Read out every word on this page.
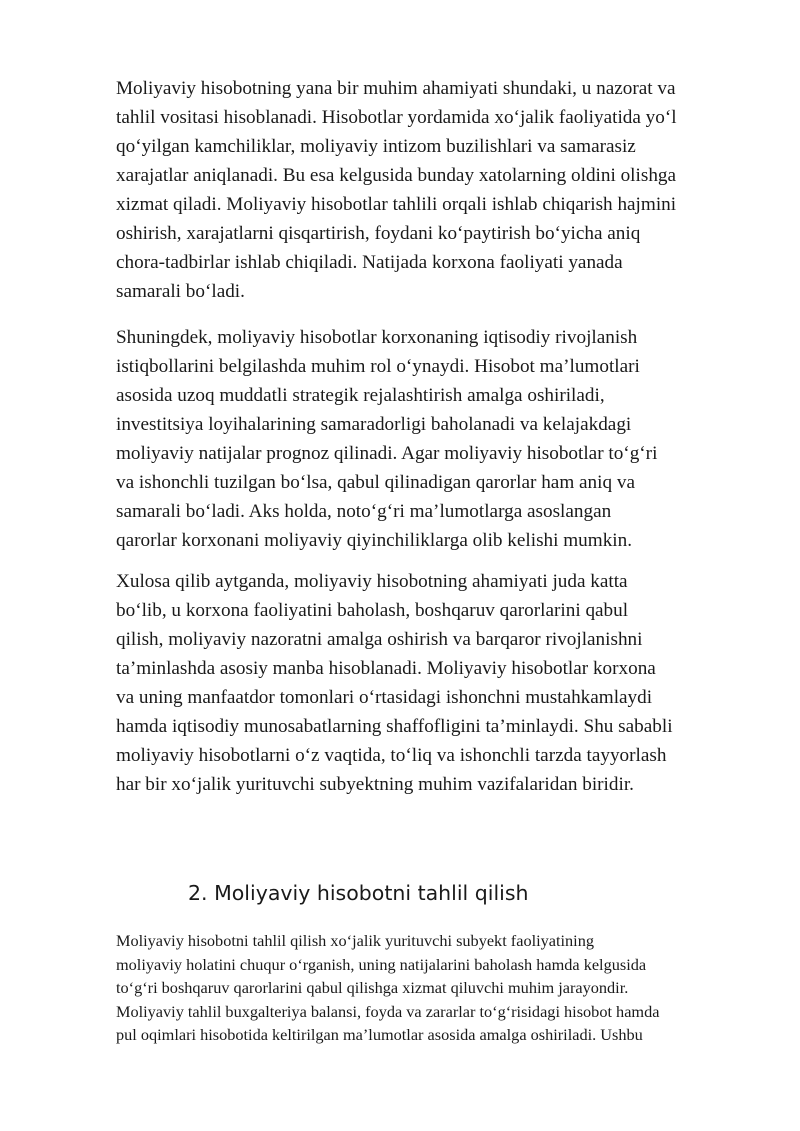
Moliyaviy hisobotning yana bir muhim ahamiyati shundaki, u nazorat va
tahlil vositasi hisoblanadi. Hisobotlar yordamida xo‘jalik faoliyatida yo‘l
qo‘yilgan kamchiliklar, moliyaviy intizom buzilishlari va samarasiz
xarajatlar aniqlanadi. Bu esa kelgusida bunday xatolarning oldini olishga
xizmat qiladi. Moliyaviy hisobotlar tahlili orqali ishlab chiqarish hajmini
oshirish, xarajatlarni qisqartirish, foydani ko‘paytirish bo‘yicha aniq
chora-tadbirlar ishlab chiqiladi. Natijada korxona faoliyati yanada
samarali bo‘ladi.

Shuningdek, moliyaviy hisobotlar korxonaning iqtisodiy rivojlanish
istiqbollarini belgilashda muhim rol o‘ynaydi. Hisobot ma’lumotlari
asosida uzoq muddatli strategik rejalashtirish amalga oshiriladi,
investitsiya loyihalarining samaradorligi baholanadi va kelajakdagi
moliyaviy natijalar prognoz qilinadi. Agar moliyaviy hisobotlar to‘g‘ri
va ishonchli tuzilgan bo‘lsa, qabul qilinadigan qarorlar ham aniq va
samarali bo‘ladi. Aks holda, noto‘g‘ri ma’lumotlarga asoslangan
qarorlar korxonani moliyaviy qiyinchiliklarga olib kelishi mumkin.

Xulosa qilib aytganda, moliyaviy hisobotning ahamiyati juda katta
bo‘lib, u korxona faoliyatini baholash, boshqaruv qarorlarini qabul
qilish, moliyaviy nazoratni amalga oshirish va barqaror rivojlanishni
ta’minlashda asosiy manba hisoblanadi. Moliyaviy hisobotlar korxona
va uning manfaatdor tomonlari o‘rtasidagi ishonchni mustahkamlaydi
hamda iqtisodiy munosabatlarning shaffofligini ta’minlaydi. Shu sababli
moliyaviy hisobotlarni o‘z vaqtida, to‘liq va ishonchli tarzda tayyorlash
har bir xo‘jalik yurituvchi subyektning muhim vazifalaridan biridir.

2. Moliyaviy hisobotni tahlil qilish

Moliyaviy hisobotni tahlil qilish xo‘jalik yurituvchi subyekt faoliyatining
moliyaviy holatini chuqur o‘rganish, uning natijalarini baholash hamda kelgusida
to‘g‘ri boshqaruv qarorlarini qabul qilishga xizmat qiluvchi muhim jarayondir.
Moliyaviy tahlil buxgalteriya balansi, foyda va zararlar to‘g‘risidagi hisobot hamda
pul oqimlari hisobotida keltirilgan ma’lumotlar asosida amalga oshiriladi. Ushbu
